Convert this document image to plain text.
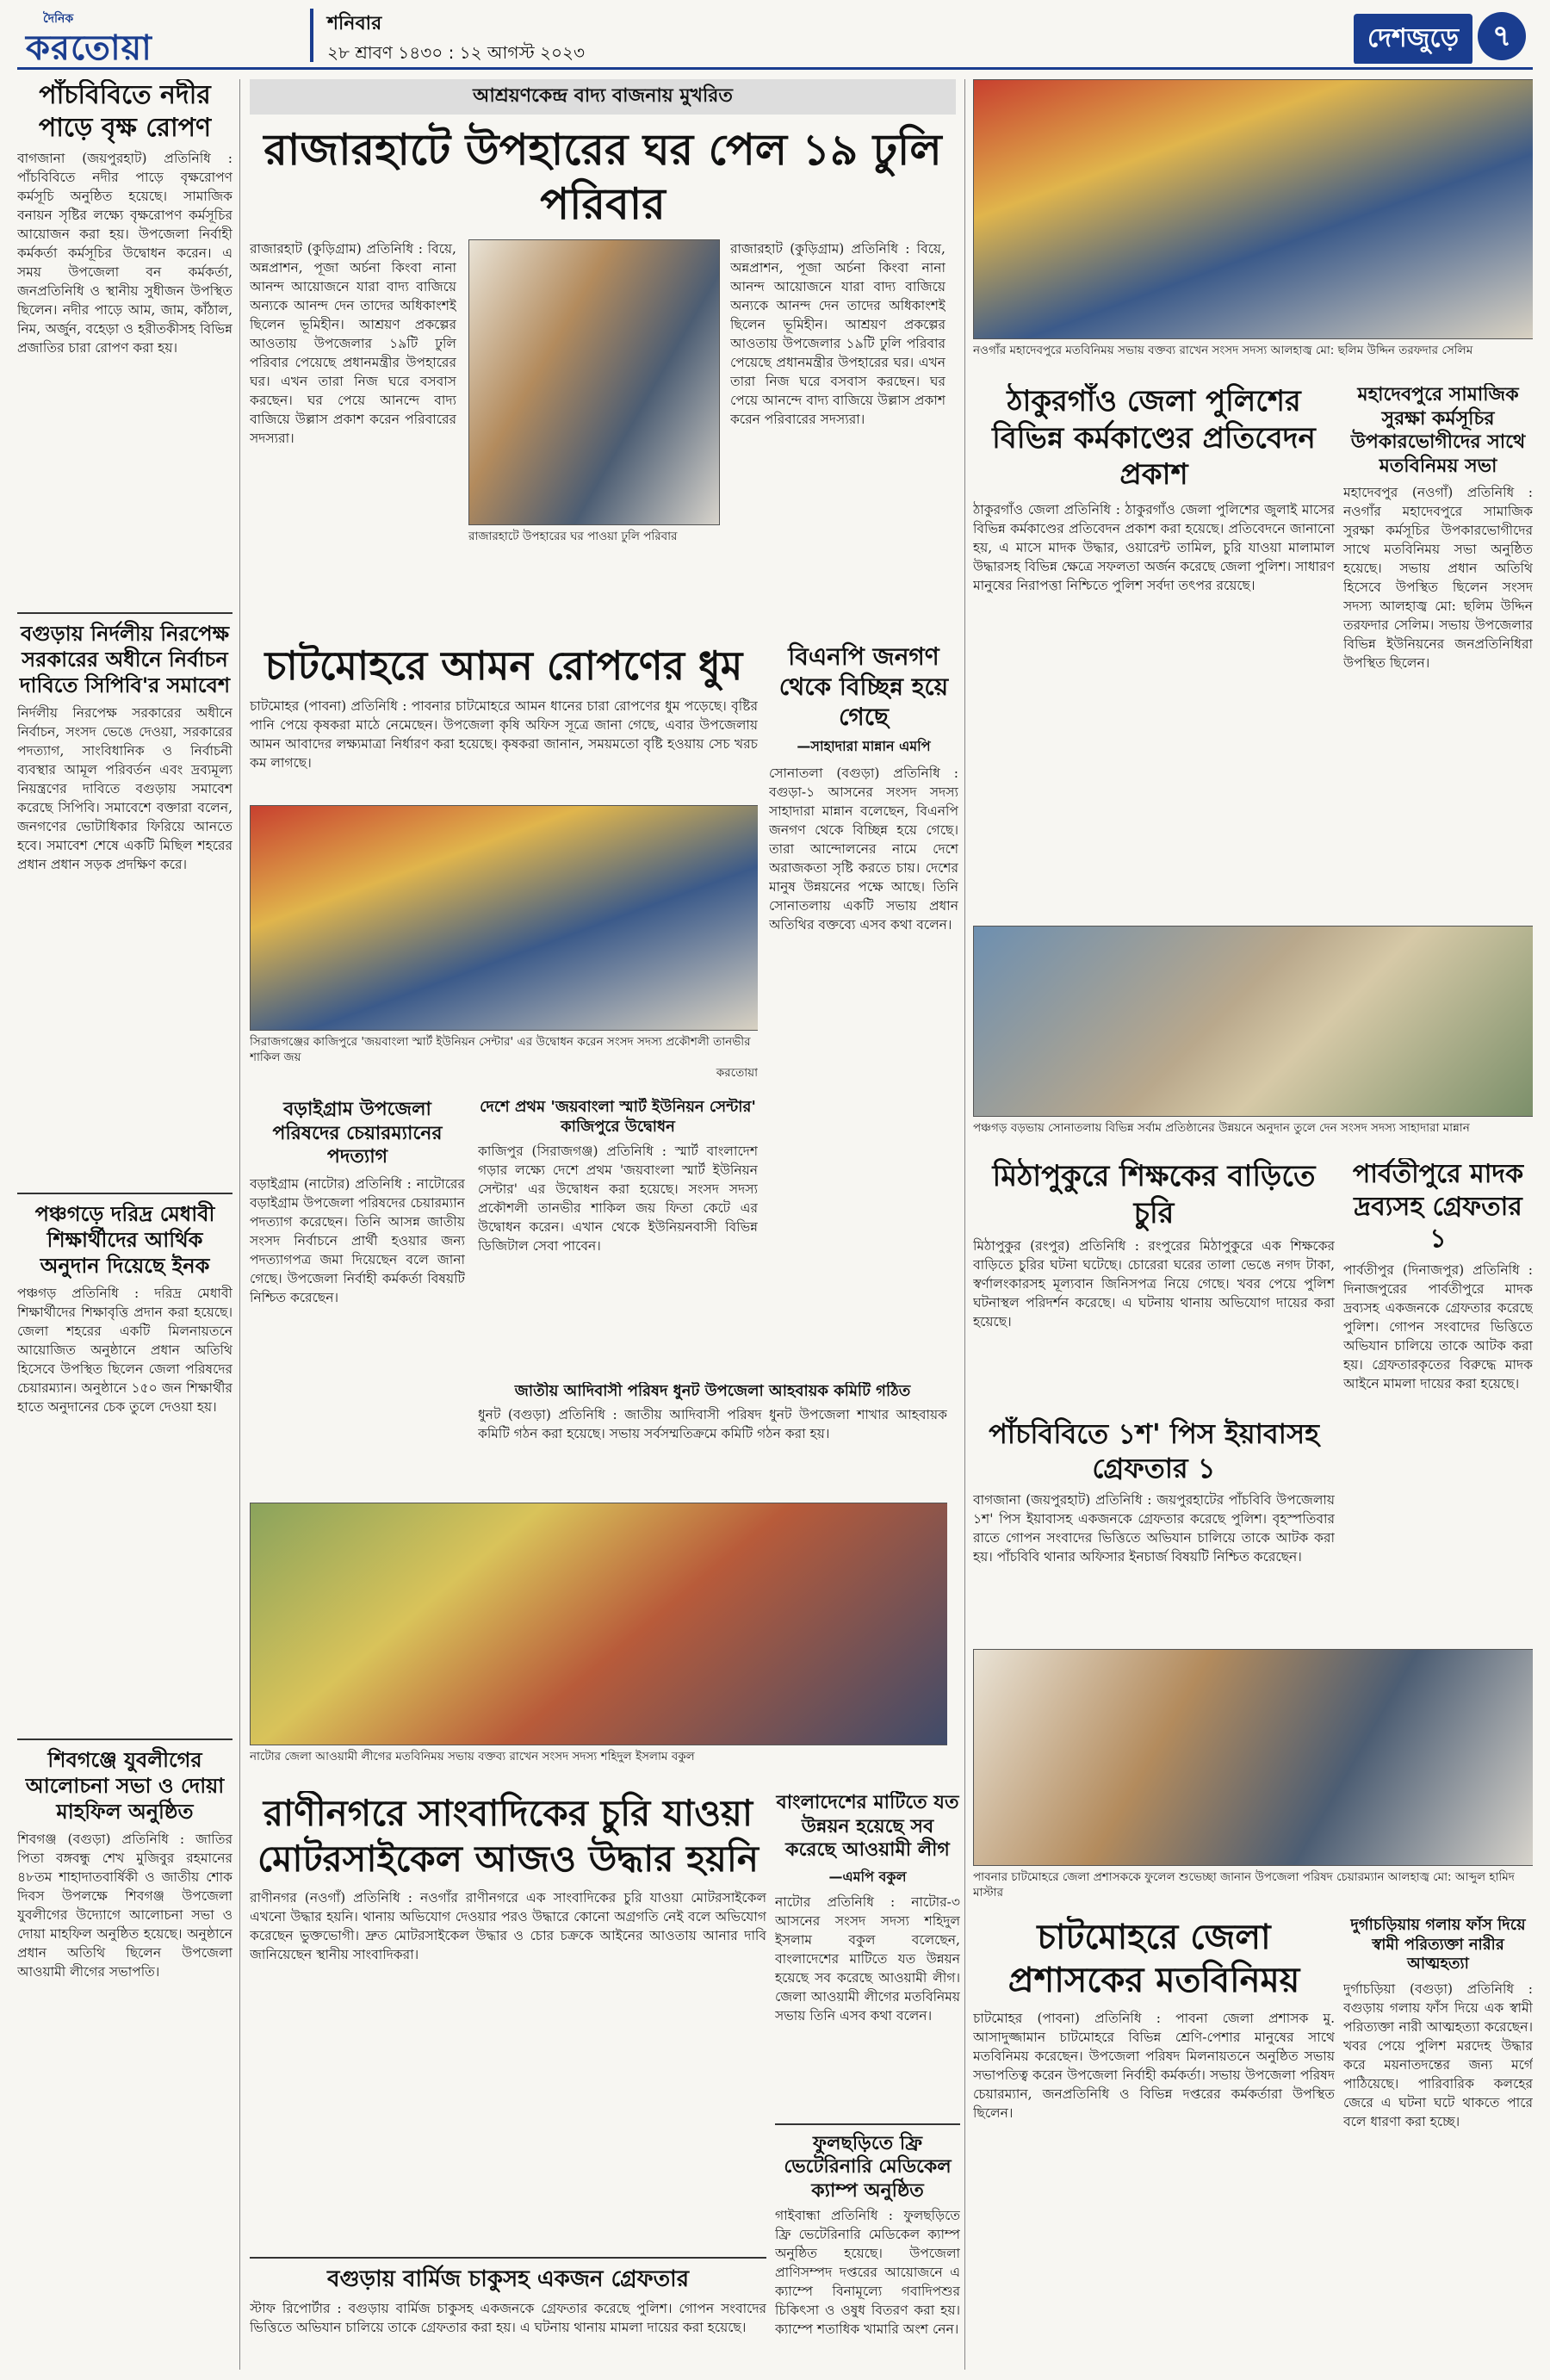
দৈনিক
করতোয়া
শনিবার
২৮ শ্রাবণ ১৪৩০ : ১২ আগস্ট ২০২৩	দেশজুড়ে	৭
পাঁচবিবিতে নদীর পাড়ে বৃক্ষ রোপণ
বাগজানা (জয়পুরহাট) প্রতিনিধি : পাঁচবিবিতে নদীর পাড়ে বৃক্ষরোপণ কর্মসূচি অনুষ্ঠিত হয়েছে। সামাজিক বনায়ন সৃষ্টির লক্ষ্যে বৃক্ষরোপণ কর্মসূচির আয়োজন করা হয়। উপজেলা নির্বাহী কর্মকর্তা কর্মসূচির উদ্বোধন করেন। এ সময় উপজেলা বন কর্মকর্তা, জনপ্রতিনিধি ও স্থানীয় সুধীজন উপস্থিত ছিলেন। নদীর পাড়ে আম, জাম, কাঁঠাল, নিম, অর্জুন, বহেড়া ও হরীতকীসহ বিভিন্ন প্রজাতির চারা রোপণ করা হয়।
বগুড়ায় নির্দলীয় নিরপেক্ষ সরকারের অধীনে নির্বাচন দাবিতে সিপিবি'র সমাবেশ
নির্দলীয় নিরপেক্ষ সরকারের অধীনে নির্বাচন, সংসদ ভেঙে দেওয়া, সরকারের পদত্যাগ, সাংবিধানিক ও নির্বাচনী ব্যবস্থার আমূল পরিবর্তন এবং দ্রব্যমূল্য নিয়ন্ত্রণের দাবিতে বগুড়ায় সমাবেশ করেছে সিপিবি। সমাবেশে বক্তারা বলেন, জনগণের ভোটাধিকার ফিরিয়ে আনতে হবে। সমাবেশ শেষে একটি মিছিল শহরের প্রধান প্রধান সড়ক প্রদক্ষিণ করে।
পঞ্চগড়ে দরিদ্র মেধাবী শিক্ষার্থীদের আর্থিক অনুদান দিয়েছে ইনক
পঞ্চগড় প্রতিনিধি : দরিদ্র মেধাবী শিক্ষার্থীদের শিক্ষাবৃত্তি প্রদান করা হয়েছে। জেলা শহরের একটি মিলনায়তনে আয়োজিত অনুষ্ঠানে প্রধান অতিথি হিসেবে উপস্থিত ছিলেন জেলা পরিষদের চেয়ারম্যান। অনুষ্ঠানে ১৫০ জন শিক্ষার্থীর হাতে অনুদানের চেক তুলে দেওয়া হয়।
শিবগঞ্জে যুবলীগের আলোচনা সভা ও দোয়া মাহফিল অনুষ্ঠিত
শিবগঞ্জ (বগুড়া) প্রতিনিধি : জাতির পিতা বঙ্গবন্ধু শেখ মুজিবুর রহমানের ৪৮তম শাহাদাতবার্ষিকী ও জাতীয় শোক দিবস উপলক্ষে শিবগঞ্জ উপজেলা যুবলীগের উদ্যোগে আলোচনা সভা ও দোয়া মাহফিল অনুষ্ঠিত হয়েছে। অনুষ্ঠানে প্রধান অতিথি ছিলেন উপজেলা আওয়ামী লীগের সভাপতি।
আশ্রয়ণকেন্দ্র বাদ্য বাজনায় মুখরিত
রাজারহাটে উপহারের ঘর পেল ১৯ ঢুলি পরিবার
রাজারহাট (কুড়িগ্রাম) প্রতিনিধি : বিয়ে, অন্নপ্রাশন, পূজা অর্চনা কিংবা নানা আনন্দ আয়োজনে যারা বাদ্য বাজিয়ে অন্যকে আনন্দ দেন তাদের অধিকাংশই ছিলেন ভূমিহীন। আশ্রয়ণ প্রকল্পের আওতায় উপজেলার ১৯টি ঢুলি পরিবার পেয়েছে প্রধানমন্ত্রীর উপহারের ঘর। এখন তারা নিজ ঘরে বসবাস করছেন। ঘর পেয়ে আনন্দে বাদ্য বাজিয়ে উল্লাস প্রকাশ করেন পরিবারের সদস্যরা।
রাজারহাটে উপহারের ঘর পাওয়া ঢুলি পরিবার
রাজারহাট (কুড়িগ্রাম) প্রতিনিধি : বিয়ে, অন্নপ্রাশন, পূজা অর্চনা কিংবা নানা আনন্দ আয়োজনে যারা বাদ্য বাজিয়ে অন্যকে আনন্দ দেন তাদের অধিকাংশই ছিলেন ভূমিহীন। আশ্রয়ণ প্রকল্পের আওতায় উপজেলার ১৯টি ঢুলি পরিবার পেয়েছে প্রধানমন্ত্রীর উপহারের ঘর। এখন তারা নিজ ঘরে বসবাস করছেন। ঘর পেয়ে আনন্দে বাদ্য বাজিয়ে উল্লাস প্রকাশ করেন পরিবারের সদস্যরা।
চাটমোহরে আমন রোপণের ধুম
চাটমোহর (পাবনা) প্রতিনিধি : পাবনার চাটমোহরে আমন ধানের চারা রোপণের ধুম পড়েছে। বৃষ্টির পানি পেয়ে কৃষকরা মাঠে নেমেছেন। উপজেলা কৃষি অফিস সূত্রে জানা গেছে, এবার উপজেলায় আমন আবাদের লক্ষ্যমাত্রা নির্ধারণ করা হয়েছে। কৃষকরা জানান, সময়মতো বৃষ্টি হওয়ায় সেচ খরচ কম লাগছে।
বিএনপি জনগণ থেকে বিচ্ছিন্ন হয়ে গেছে
—সাহাদারা মান্নান এমপি
সোনাতলা (বগুড়া) প্রতিনিধি : বগুড়া-১ আসনের সংসদ সদস্য সাহাদারা মান্নান বলেছেন, বিএনপি জনগণ থেকে বিচ্ছিন্ন হয়ে গেছে। তারা আন্দোলনের নামে দেশে অরাজকতা সৃষ্টি করতে চায়। দেশের মানুষ উন্নয়নের পক্ষে আছে। তিনি সোনাতলায় একটি সভায় প্রধান অতিথির বক্তব্যে এসব কথা বলেন।
সিরাজগঞ্জের কাজিপুরে 'জয়বাংলা স্মার্ট ইউনিয়ন সেন্টার' এর উদ্বোধন করেন সংসদ সদস্য প্রকৌশলী তানভীর শাকিল জয়
করতোয়া
বড়াইগ্রাম উপজেলা পরিষদের চেয়ারম্যানের পদত্যাগ
বড়াইগ্রাম (নাটোর) প্রতিনিধি : নাটোরের বড়াইগ্রাম উপজেলা পরিষদের চেয়ারম্যান পদত্যাগ করেছেন। তিনি আসন্ন জাতীয় সংসদ নির্বাচনে প্রার্থী হওয়ার জন্য পদত্যাগপত্র জমা দিয়েছেন বলে জানা গেছে। উপজেলা নির্বাহী কর্মকর্তা বিষয়টি নিশ্চিত করেছেন।
দেশে প্রথম 'জয়বাংলা স্মার্ট ইউনিয়ন সেন্টার' কাজিপুরে উদ্বোধন
কাজিপুর (সিরাজগঞ্জ) প্রতিনিধি : স্মার্ট বাংলাদেশ গড়ার লক্ষ্যে দেশে প্রথম 'জয়বাংলা স্মার্ট ইউনিয়ন সেন্টার' এর উদ্বোধন করা হয়েছে। সংসদ সদস্য প্রকৌশলী তানভীর শাকিল জয় ফিতা কেটে এর উদ্বোধন করেন। এখান থেকে ইউনিয়নবাসী বিভিন্ন ডিজিটাল সেবা পাবেন।
জাতীয় আদিবাসী পরিষদ ধুনট উপজেলা আহবায়ক কমিটি গঠিত
ধুনট (বগুড়া) প্রতিনিধি : জাতীয় আদিবাসী পরিষদ ধুনট উপজেলা শাখার আহবায়ক কমিটি গঠন করা হয়েছে। সভায় সর্বসম্মতিক্রমে কমিটি গঠন করা হয়।
নাটোর জেলা আওয়ামী লীগের মতবিনিময় সভায় বক্তব্য রাখেন সংসদ সদস্য শহিদুল ইসলাম বকুল
রাণীনগরে সাংবাদিকের চুরি যাওয়া মোটরসাইকেল আজও উদ্ধার হয়নি
রাণীনগর (নওগাঁ) প্রতিনিধি : নওগাঁর রাণীনগরে এক সাংবাদিকের চুরি যাওয়া মোটরসাইকেল এখনো উদ্ধার হয়নি। থানায় অভিযোগ দেওয়ার পরও উদ্ধারে কোনো অগ্রগতি নেই বলে অভিযোগ করেছেন ভুক্তভোগী। দ্রুত মোটরসাইকেল উদ্ধার ও চোর চক্রকে আইনের আওতায় আনার দাবি জানিয়েছেন স্থানীয় সাংবাদিকরা।
বগুড়ায় বার্মিজ চাকুসহ একজন গ্রেফতার
স্টাফ রিপোর্টার : বগুড়ায় বার্মিজ চাকুসহ একজনকে গ্রেফতার করেছে পুলিশ। গোপন সংবাদের ভিত্তিতে অভিযান চালিয়ে তাকে গ্রেফতার করা হয়। এ ঘটনায় থানায় মামলা দায়ের করা হয়েছে।
নওগাঁর মহাদেবপুরে মতবিনিময় সভায় বক্তব্য রাখেন সংসদ সদস্য আলহাজ্ব মো: ছলিম উদ্দিন তরফদার সেলিম
ঠাকুরগাঁও জেলা পুলিশের বিভিন্ন কর্মকাণ্ডের প্রতিবেদন প্রকাশ
ঠাকুরগাঁও জেলা প্রতিনিধি : ঠাকুরগাঁও জেলা পুলিশের জুলাই মাসের বিভিন্ন কর্মকাণ্ডের প্রতিবেদন প্রকাশ করা হয়েছে। প্রতিবেদনে জানানো হয়, এ মাসে মাদক উদ্ধার, ওয়ারেন্ট তামিল, চুরি যাওয়া মালামাল উদ্ধারসহ বিভিন্ন ক্ষেত্রে সফলতা অর্জন করেছে জেলা পুলিশ। সাধারণ মানুষের নিরাপত্তা নিশ্চিতে পুলিশ সর্বদা তৎপর রয়েছে।
মহাদেবপুরে সামাজিক সুরক্ষা কর্মসূচির উপকারভোগীদের সাথে মতবিনিময় সভা
মহাদেবপুর (নওগাঁ) প্রতিনিধি : নওগাঁর মহাদেবপুরে সামাজিক সুরক্ষা কর্মসূচির উপকারভোগীদের সাথে মতবিনিময় সভা অনুষ্ঠিত হয়েছে। সভায় প্রধান অতিথি হিসেবে উপস্থিত ছিলেন সংসদ সদস্য আলহাজ্ব মো: ছলিম উদ্দিন তরফদার সেলিম। সভায় উপজেলার বিভিন্ন ইউনিয়নের জনপ্রতিনিধিরা উপস্থিত ছিলেন।
পঞ্চগড় বড়ভায় সোনাতলায় বিভিন্ন সর্বাম প্রতিষ্ঠানের উন্নয়নে অনুদান তুলে দেন সংসদ সদস্য সাহাদারা মান্নান
মিঠাপুকুরে শিক্ষকের বাড়িতে চুরি
মিঠাপুকুর (রংপুর) প্রতিনিধি : রংপুরের মিঠাপুকুরে এক শিক্ষকের বাড়িতে চুরির ঘটনা ঘটেছে। চোরেরা ঘরের তালা ভেঙে নগদ টাকা, স্বর্ণালংকারসহ মূল্যবান জিনিসপত্র নিয়ে গেছে। খবর পেয়ে পুলিশ ঘটনাস্থল পরিদর্শন করেছে। এ ঘটনায় থানায় অভিযোগ দায়ের করা হয়েছে।
পার্বতীপুরে মাদক দ্রব্যসহ গ্রেফতার ১
পার্বতীপুর (দিনাজপুর) প্রতিনিধি : দিনাজপুরের পার্বতীপুরে মাদক দ্রব্যসহ একজনকে গ্রেফতার করেছে পুলিশ। গোপন সংবাদের ভিত্তিতে অভিযান চালিয়ে তাকে আটক করা হয়। গ্রেফতারকৃতের বিরুদ্ধে মাদক আইনে মামলা দায়ের করা হয়েছে।
পাঁচবিবিতে ১শ' পিস ইয়াবাসহ গ্রেফতার ১
বাগজানা (জয়পুরহাট) প্রতিনিধি : জয়পুরহাটের পাঁচবিবি উপজেলায় ১শ' পিস ইয়াবাসহ একজনকে গ্রেফতার করেছে পুলিশ। বৃহস্পতিবার রাতে গোপন সংবাদের ভিত্তিতে অভিযান চালিয়ে তাকে আটক করা হয়। পাঁচবিবি থানার অফিসার ইনচার্জ বিষয়টি নিশ্চিত করেছেন।
পাবনার চাটমোহরে জেলা প্রশাসককে ফুলেল শুভেচ্ছা জানান উপজেলা পরিষদ চেয়ারম্যান আলহাজ্ব মো: আব্দুল হামিদ মাস্টার
চাটমোহরে জেলা প্রশাসকের মতবিনিময়
চাটমোহর (পাবনা) প্রতিনিধি : পাবনা জেলা প্রশাসক মু. আসাদুজ্জামান চাটমোহরে বিভিন্ন শ্রেণি-পেশার মানুষের সাথে মতবিনিময় করেছেন। উপজেলা পরিষদ মিলনায়তনে অনুষ্ঠিত সভায় সভাপতিত্ব করেন উপজেলা নির্বাহী কর্মকর্তা। সভায় উপজেলা পরিষদ চেয়ারম্যান, জনপ্রতিনিধি ও বিভিন্ন দপ্তরের কর্মকর্তারা উপস্থিত ছিলেন।
দুর্গাচড়িয়ায় গলায় ফাঁস দিয়ে স্বামী পরিত্যক্তা নারীর আত্মহত্যা
দুর্গাচড়িয়া (বগুড়া) প্রতিনিধি : বগুড়ায় গলায় ফাঁস দিয়ে এক স্বামী পরিত্যক্তা নারী আত্মহত্যা করেছেন। খবর পেয়ে পুলিশ মরদেহ উদ্ধার করে ময়নাতদন্তের জন্য মর্গে পাঠিয়েছে। পারিবারিক কলহের জেরে এ ঘটনা ঘটে থাকতে পারে বলে ধারণা করা হচ্ছে।
বাংলাদেশের মাটিতে যত উন্নয়ন হয়েছে সব করেছে আওয়ামী লীগ
—এমপি বকুল
নাটোর প্রতিনিধি : নাটোর-৩ আসনের সংসদ সদস্য শহিদুল ইসলাম বকুল বলেছেন, বাংলাদেশের মাটিতে যত উন্নয়ন হয়েছে সব করেছে আওয়ামী লীগ। জেলা আওয়ামী লীগের মতবিনিময় সভায় তিনি এসব কথা বলেন।
ফুলছড়িতে ফ্রি ভেটেরিনারি মেডিকেল ক্যাম্প অনুষ্ঠিত
গাইবান্ধা প্রতিনিধি : ফুলছড়িতে ফ্রি ভেটেরিনারি মেডিকেল ক্যাম্প অনুষ্ঠিত হয়েছে। উপজেলা প্রাণিসম্পদ দপ্তরের আয়োজনে এ ক্যাম্পে বিনামূল্যে গবাদিপশুর চিকিৎসা ও ওষুধ বিতরণ করা হয়। ক্যাম্পে শতাধিক খামারি অংশ নেন।
